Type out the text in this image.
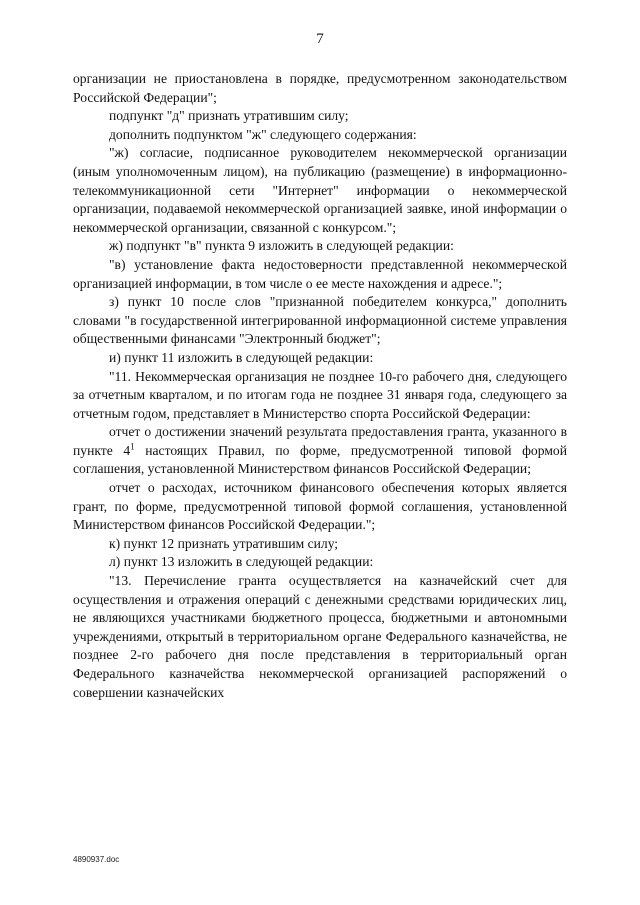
7

организации не приостановлена в порядке, предусмотренном законодательством Российской Федерации";

подпункт "д" признать утратившим силу;

дополнить подпунктом "ж" следующего содержания:

"ж) согласие, подписанное руководителем некоммерческой организации (иным уполномоченным лицом), на публикацию (размещение) в информационно-телекоммуникационной сети "Интернет" информации о некоммерческой организации, подаваемой некоммерческой организацией заявке, иной информации о некоммерческой организации, связанной с конкурсом.";

ж) подпункт "в" пункта 9 изложить в следующей редакции:

"в) установление факта недостоверности представленной некоммерческой организацией информации, в том числе о ее месте нахождения и адресе.";

з) пункт 10 после слов "признанной победителем конкурса," дополнить словами "в государственной интегрированной информационной системе управления общественными финансами "Электронный бюджет";

и) пункт 11 изложить в следующей редакции:

"11. Некоммерческая организация не позднее 10-го рабочего дня, следующего за отчетным кварталом, и по итогам года не позднее 31 января года, следующего за отчетным годом, представляет в Министерство спорта Российской Федерации:

отчет о достижении значений результата предоставления гранта, указанного в пункте $4^1$ настоящих Правил, по форме, предусмотренной типовой формой соглашения, установленной Министерством финансов Российской Федерации;

отчет о расходах, источником финансового обеспечения которых является грант, по форме, предусмотренной типовой формой соглашения, установленной Министерством финансов Российской Федерации.";

к) пункт 12 признать утратившим силу;

л) пункт 13 изложить в следующей редакции:

"13. Перечисление гранта осуществляется на казначейский счет для осуществления и отражения операций с денежными средствами юридических лиц, не являющихся участниками бюджетного процесса, бюджетными и автономными учреждениями, открытый в территориальном органе Федерального казначейства, не позднее 2-го рабочего дня после представления в территориальный орган Федерального казначейства некоммерческой организацией распоряжений о совершении казначейских

4890937.doc
